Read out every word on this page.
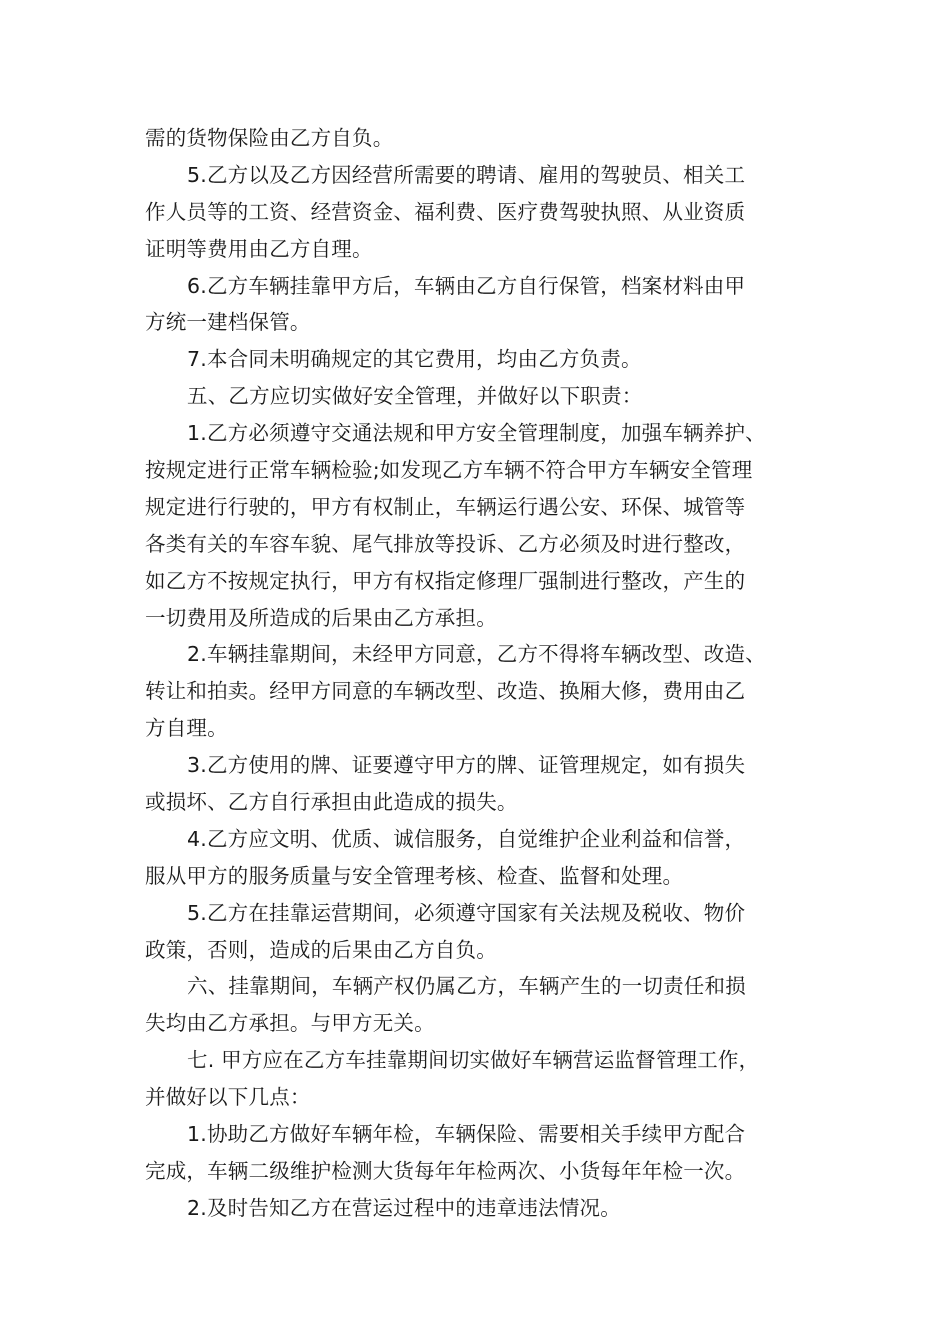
需的货物保险由乙方自负。
5.乙方以及乙方因经营所需要的聘请、雇用的驾驶员、相关工
作人员等的工资、经营资金、福利费、医疗费驾驶执照、从业资质
证明等费用由乙方自理。
6.乙方车辆挂靠甲方后，车辆由乙方自行保管，档案材料由甲
方统一建档保管。
7.本合同未明确规定的其它费用，均由乙方负责。
五、乙方应切实做好安全管理，并做好以下职责：
1.乙方必须遵守交通法规和甲方安全管理制度，加强车辆养护、
按规定进行正常车辆检验;如发现乙方车辆不符合甲方车辆安全管理
规定进行行驶的，甲方有权制止，车辆运行遇公安、环保、城管等
各类有关的车容车貌、尾气排放等投诉、乙方必须及时进行整改，
如乙方不按规定执行，甲方有权指定修理厂强制进行整改，产生的
一切费用及所造成的后果由乙方承担。
2.车辆挂靠期间，未经甲方同意，乙方不得将车辆改型、改造、
转让和拍卖。经甲方同意的车辆改型、改造、换厢大修，费用由乙
方自理。
3.乙方使用的牌、证要遵守甲方的牌、证管理规定，如有损失
或损坏、乙方自行承担由此造成的损失。
4.乙方应文明、优质、诚信服务，自觉维护企业利益和信誉，
服从甲方的服务质量与安全管理考核、检查、监督和处理。
5.乙方在挂靠运营期间，必须遵守国家有关法规及税收、物价
政策，否则，造成的后果由乙方自负。
六、挂靠期间，车辆产权仍属乙方，车辆产生的一切责任和损
失均由乙方承担。与甲方无关。
七. 甲方应在乙方车挂靠期间切实做好车辆营运监督管理工作，
并做好以下几点：
1.协助乙方做好车辆年检，车辆保险、需要相关手续甲方配合
完成，车辆二级维护检测大货每年年检两次、小货每年年检一次。
2.及时告知乙方在营运过程中的违章违法情况。
